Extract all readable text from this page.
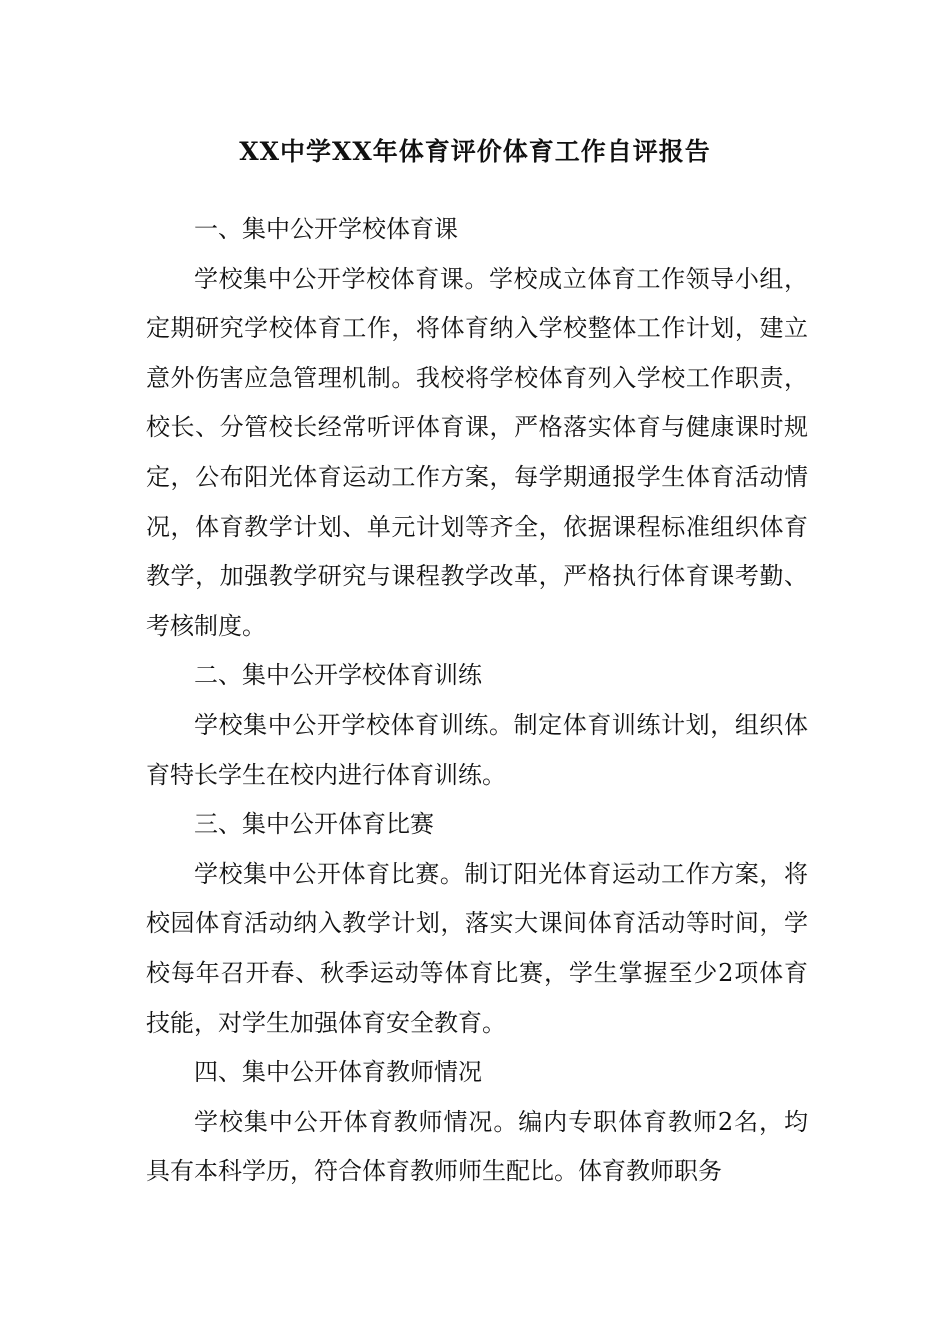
XX中学XX年体育评价体育工作自评报告

一、集中公开学校体育课

学校集中公开学校体育课。学校成立体育工作领导小组，定期研究学校体育工作，将体育纳入学校整体工作计划，建立意外伤害应急管理机制。我校将学校体育列入学校工作职责，校长、分管校长经常听评体育课，严格落实体育与健康课时规定，公布阳光体育运动工作方案，每学期通报学生体育活动情况，体育教学计划、单元计划等齐全，依据课程标准组织体育教学，加强教学研究与课程教学改革，严格执行体育课考勤、考核制度。

二、集中公开学校体育训练

学校集中公开学校体育训练。制定体育训练计划，组织体育特长学生在校内进行体育训练。

三、集中公开体育比赛

学校集中公开体育比赛。制订阳光体育运动工作方案，将校园体育活动纳入教学计划，落实大课间体育活动等时间，学校每年召开春、秋季运动等体育比赛，学生掌握至少2项体育技能，对学生加强体育安全教育。

四、集中公开体育教师情况

学校集中公开体育教师情况。编内专职体育教师2名，均具有本科学历，符合体育教师师生配比。体育教师职务
